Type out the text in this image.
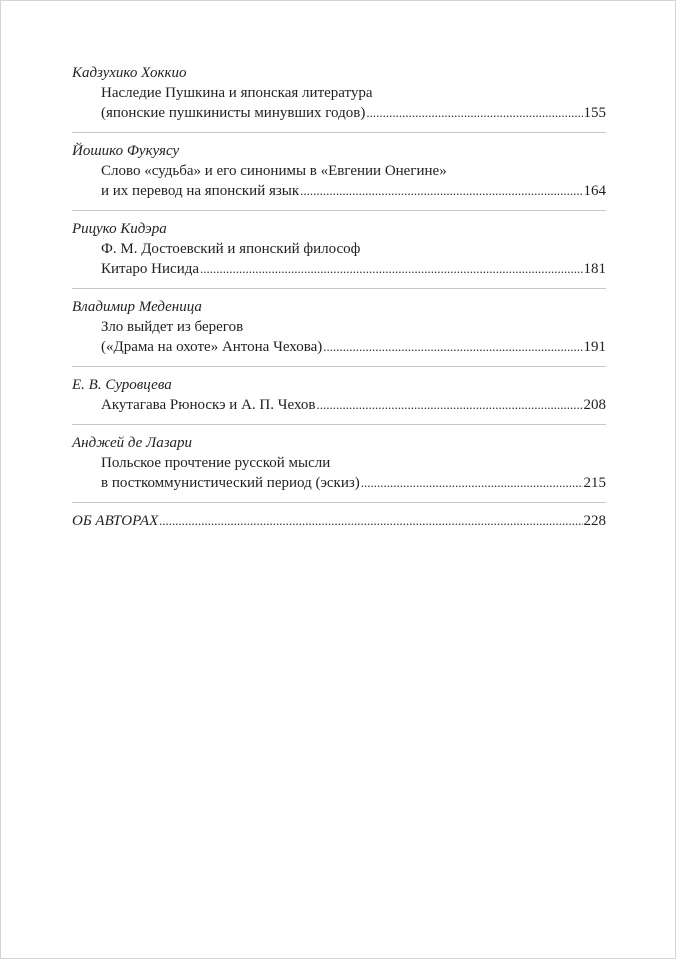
Кадзухико Хоккио
Наследие Пушкина и японская литература
(японские пушкинисты минувших годов) .....	155
Йошико Фукуясу
Слово «судьба» и его синонимы в «Евгении Онегине»
и их перевод на японский язык .....	164
Рицуко Кидэра
Ф. М. Достоевский и японский философ
Китаро Нисида .....	181
Владимир Меденица
Зло выйдет из берегов
(«Драма на охоте» Антона Чехова) .....	191
Е. В. Суровцева
Акутагава Рюноскэ и А. П. Чехов .....	208
Анджей де Лазари
Польское прочтение русской мысли
в посткоммунистический период (эскиз) .....	215
ОБ АВТОРАХ .....	228
